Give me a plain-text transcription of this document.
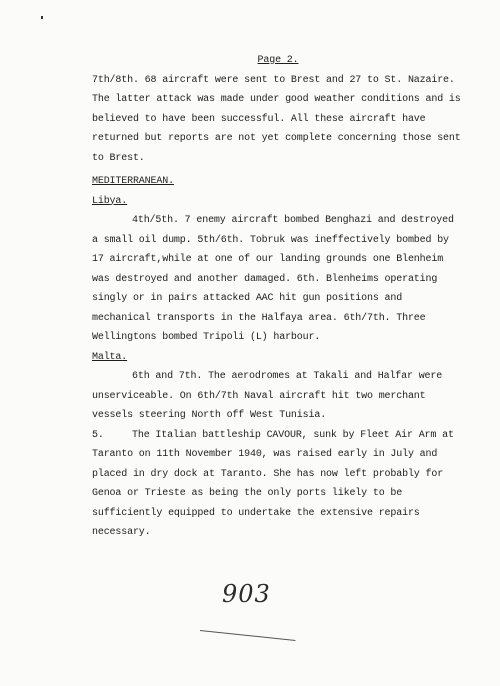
Page 2.

7th/8th. 68 aircraft were sent to Brest and 27 to St. Nazaire. The latter attack was made under good weather conditions and is believed to have been successful. All these aircraft have returned but reports are not yet complete concerning those sent to Brest.

MEDITERRANEAN.

Libya.

4th/5th. 7 enemy aircraft bombed Benghazi and destroyed a small oil dump. 5th/6th. Tobruk was ineffectively bombed by 17 aircraft,while at one of our landing grounds one Blenheim was destroyed and another damaged. 6th. Blenheims operating singly or in pairs attacked AAC hit gun positions and mechanical transports in the Halfaya area. 6th/7th. Three Wellingtons bombed Tripoli (L) harbour.

Malta.

6th and 7th. The aerodromes at Takali and Halfar were unserviceable. On 6th/7th Naval aircraft hit two merchant vessels steering North off West Tunisia.

5.	The Italian battleship CAVOUR, sunk by Fleet Air Arm at Taranto on 11th November 1940, was raised early in July and placed in dry dock at Taranto. She has now left probably for Genoa or Trieste as being the only ports likely to be sufficiently equipped to undertake the extensive repairs necessary.

903
